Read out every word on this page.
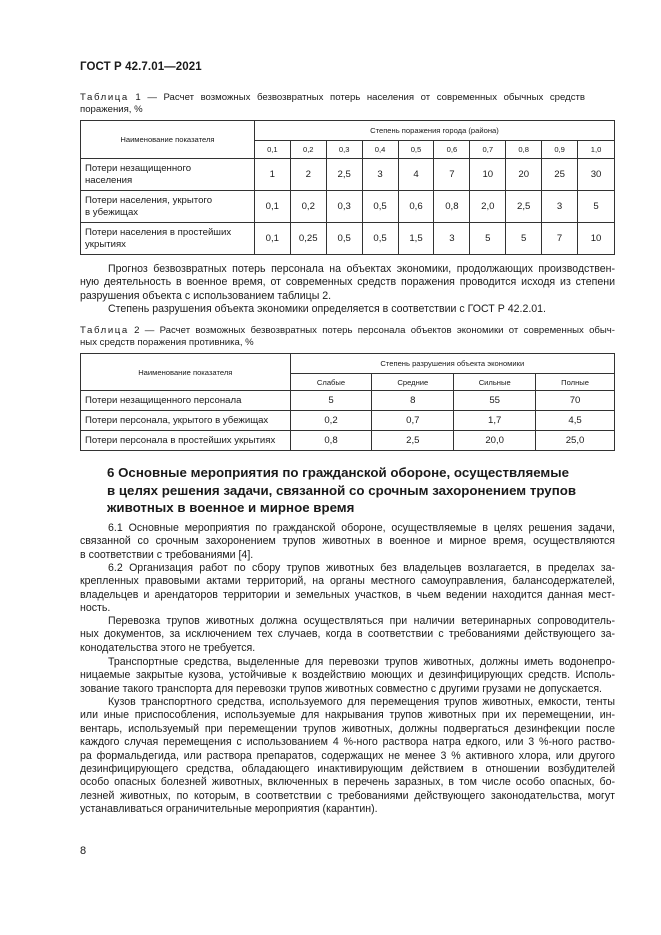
ГОСТ Р 42.7.01—2021
Таблица 1 — Расчет возможных безвозвратных потерь населения от современных обычных средств
поражения, %
Наименование показателя	Степень поражения города (района)									
	0,1	0,2	0,3	0,4	0,5	0,6	0,7	0,8	0,9	1,0

Потери незащищенного
населения	1	2	2,5	3	4	7	10	20	25	30

Потери населения, укрытого
в убежищах	0,1	0,2	0,3	0,5	0,6	0,8	2,0	2,5	3	5

Потери населения в простейших
укрытиях	0,1	0,25	0,5	0,5	1,5	3	5	5	7	10
Прогноз безвозвратных потерь персонала на объектах экономики, продолжающих производствен-
ную деятельность в военное время, от современных средств поражения проводится исходя из степени
разрушения объекта с использованием таблицы 2.
Степень разрушения объекта экономики определяется в соответствии с ГОСТ Р 42.2.01.
Таблица 2 — Расчет возможных безвозвратных потерь персонала объектов экономики от современных обыч-
ных средств поражения противника, %
Наименование показателя	Степень разрушения объекта экономики			
	Слабые	Средние	Сильные	Полные
Потери незащищенного персонала	5	8	55	70
Потери персонала, укрытого в убежищах	0,2	0,7	1,7	4,5
Потери персонала в простейших укрытиях	0,8	2,5	20,0	25,0
6 Основные мероприятия по гражданской обороне, осуществляемые
в целях решения задачи, связанной со срочным захоронением трупов
животных в военное и мирное время
6.1 Основные мероприятия по гражданской обороне, осуществляемые в целях решения задачи,
связанной со срочным захоронением трупов животных в военное и мирное время, осуществляются
в соответствии с требованиями [4].
6.2 Организация работ по сбору трупов животных без владельцев возлагается, в пределах за-
крепленных правовыми актами территорий, на органы местного самоуправления, балансодержателей,
владельцев и арендаторов территории и земельных участков, в чьем ведении находится данная мест-
ность.
Перевозка трупов животных должна осуществляться при наличии ветеринарных сопроводитель-
ных документов, за исключением тех случаев, когда в соответствии с требованиями действующего за-
конодательства этого не требуется.
Транспортные средства, выделенные для перевозки трупов животных, должны иметь водонепро-
ницаемые закрытые кузова, устойчивые к воздействию моющих и дезинфицирующих средств. Исполь-
зование такого транспорта для перевозки трупов животных совместно с другими грузами не допускается.
Кузов транспортного средства, используемого для перемещения трупов животных, емкости, тенты
или иные приспособления, используемые для накрывания трупов животных при их перемещении, ин-
вентарь, используемый при перемещении трупов животных, должны подвергаться дезинфекции после
каждого случая перемещения с использованием 4 %-ного раствора натра едкого, или 3 %-ного раство-
ра формальдегида, или раствора препаратов, содержащих не менее 3 % активного хлора, или другого
дезинфицирующего средства, обладающего инактивирующим действием в отношении возбудителей
особо опасных болезней животных, включенных в перечень заразных, в том числе особо опасных, бо-
лезней животных, по которым, в соответствии с требованиями действующего законодательства, могут
устанавливаться ограничительные мероприятия (карантин).
8
